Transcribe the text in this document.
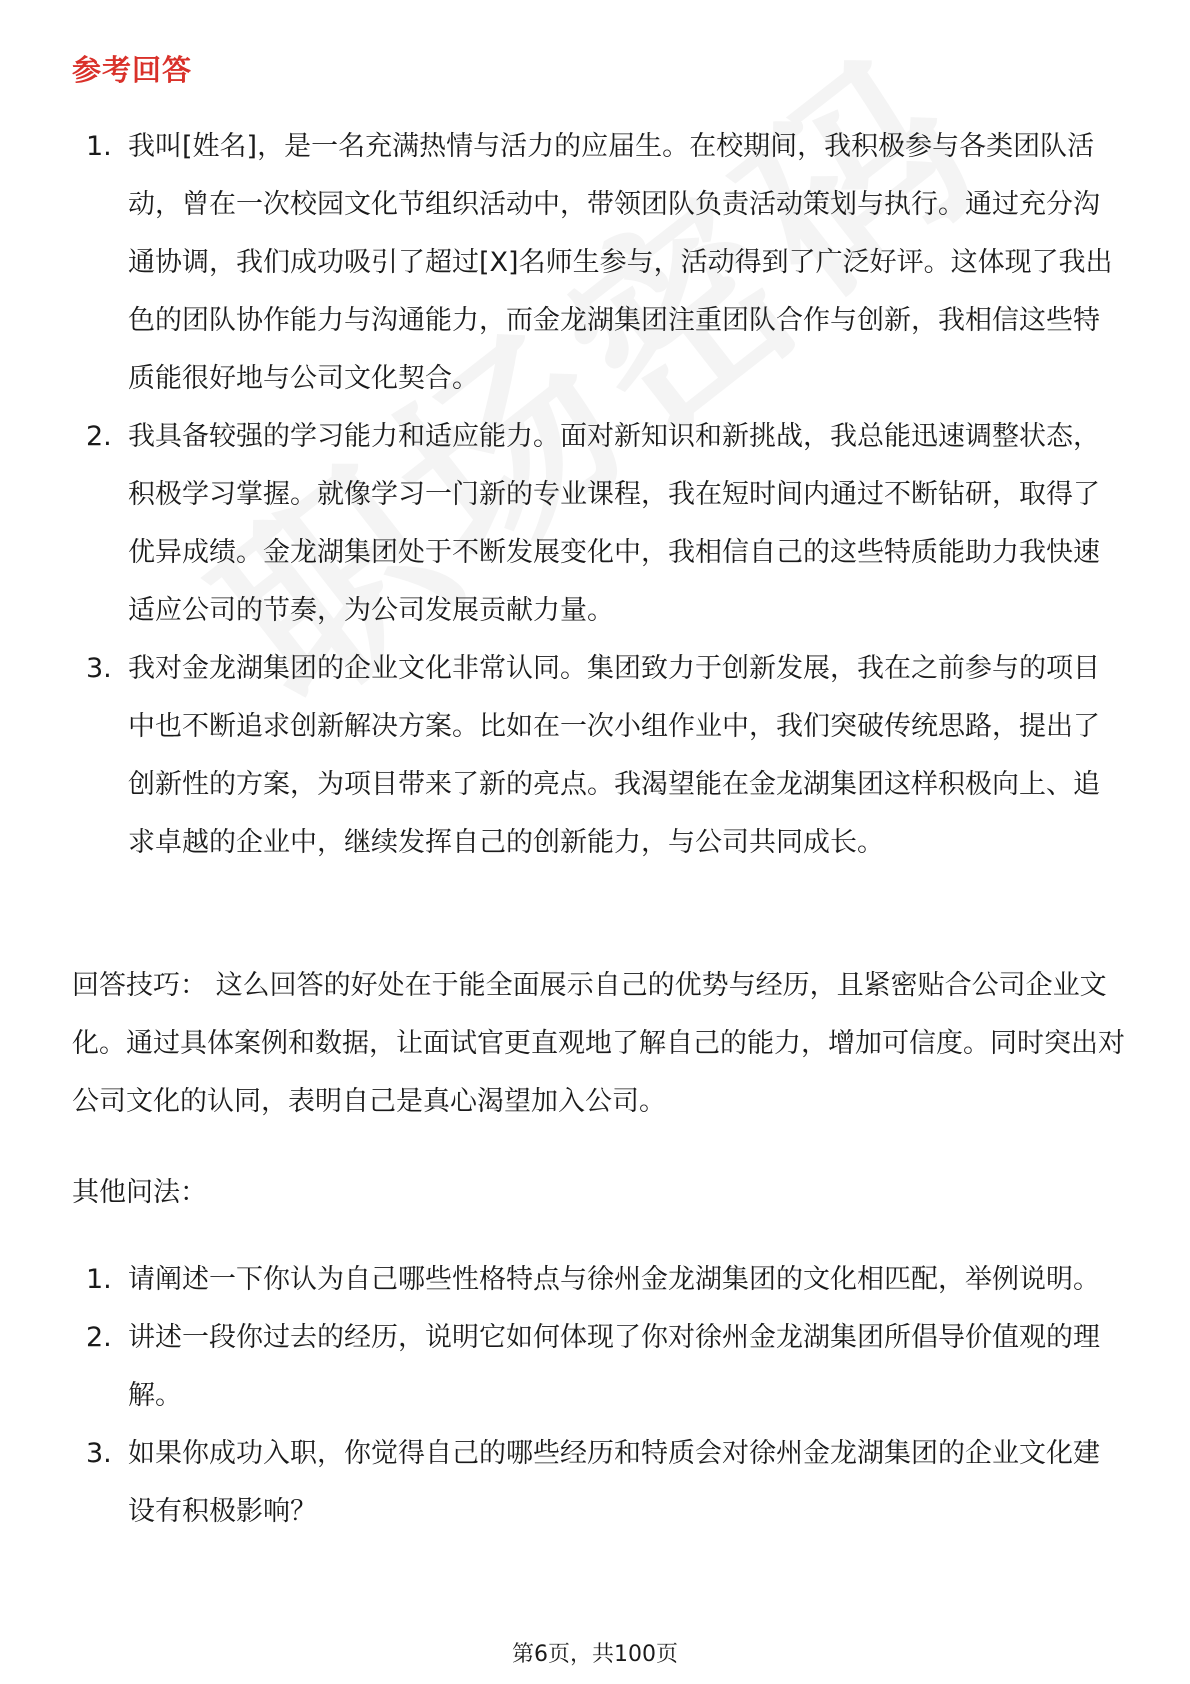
参考回答
1. 我叫[姓名]，是一名充满热情与活力的应届生。在校期间，我积极参与各类团队活动，曾在一次校园文化节组织活动中，带领团队负责活动策划与执行。通过充分沟通协调，我们成功吸引了超过[X]名师生参与，活动得到了广泛好评。这体现了我出色的团队协作能力与沟通能力，而金龙湖集团注重团队合作与创新，我相信这些特质能很好地与公司文化契合。
2. 我具备较强的学习能力和适应能力。面对新知识和新挑战，我总能迅速调整状态，积极学习掌握。就像学习一门新的专业课程，我在短时间内通过不断钻研，取得了优异成绩。金龙湖集团处于不断发展变化中，我相信自己的这些特质能助力我快速适应公司的节奏，为公司发展贡献力量。
3. 我对金龙湖集团的企业文化非常认同。集团致力于创新发展，我在之前参与的项目中也不断追求创新解决方案。比如在一次小组作业中，我们突破传统思路，提出了创新性的方案，为项目带来了新的亮点。我渴望能在金龙湖集团这样积极向上、追求卓越的企业中，继续发挥自己的创新能力，与公司共同成长。

回答技巧： 这么回答的好处在于能全面展示自己的优势与经历，且紧密贴合公司企业文化。通过具体案例和数据，让面试官更直观地了解自己的能力，增加可信度。同时突出对公司文化的认同，表明自己是真心渴望加入公司。

其他问法：

1. 请阐述一下你认为自己哪些性格特点与徐州金龙湖集团的文化相匹配，举例说明。
2. 讲述一段你过去的经历，说明它如何体现了你对徐州金龙湖集团所倡导价值观的理解。
3. 如果你成功入职，你觉得自己的哪些经历和特质会对徐州金龙湖集团的企业文化建设有积极影响？
第6页，共100页
